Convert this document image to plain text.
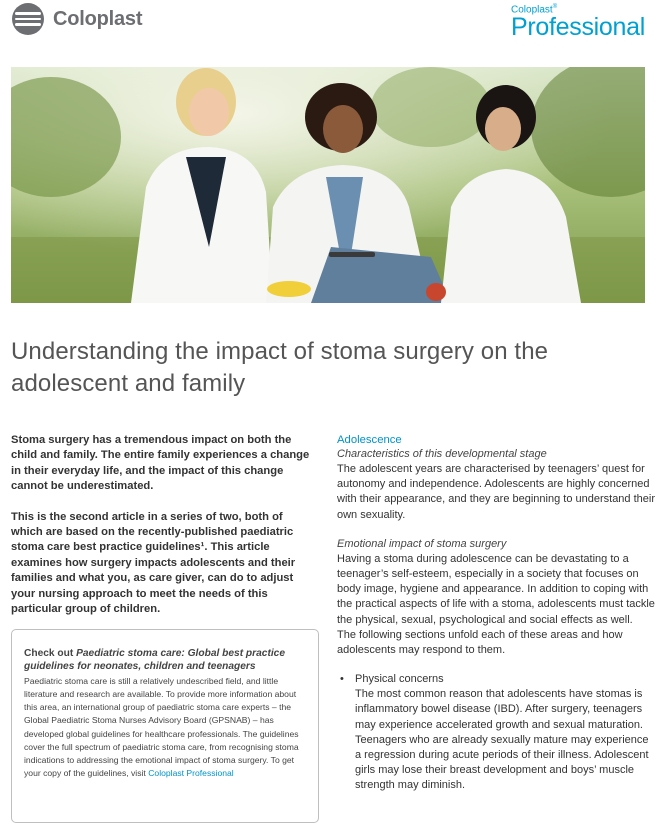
Coloplast	Coloplast®
Professional
Understanding the impact of stoma surgery on the adolescent and family

Stoma surgery has a tremendous impact on both the child and family. The entire family experiences a change in their everyday life, and the impact of this change cannot be underestimated.

This is the second article in a series of two, both of which are based on the recently-published paediatric stoma care best practice guidelines¹. This article examines how surgery impacts adolescents and their families and what you, as care giver, can do to adjust your nursing approach to meet the needs of this particular group of children.

Check out Paediatric stoma care: Global best practice guidelines for neonates, children and teenagers

Paediatric stoma care is still a relatively undescribed field, and little literature and research are available. To provide more information about this area, an international group of paediatric stoma care experts – the Global Paediatric Stoma Nurses Advisory Board (GPSNAB) – has developed global guidelines for healthcare professionals. The guidelines cover the full spectrum of paediatric stoma care, from recognising stoma indications to addressing the emotional impact of stoma surgery. To get your copy of the guidelines, visit Coloplast Professional

Adolescence
Characteristics of this developmental stage

The adolescent years are characterised by teenagers’ quest for autonomy and independence. Adolescents are highly concerned with their appearance, and they are beginning to understand their own sexuality.

Emotional impact of stoma surgery

Having a stoma during adolescence can be devastating to a teenager’s self-esteem, especially in a society that focuses on body image, hygiene and appearance. In addition to coping with the practical aspects of life with a stoma, adolescents must tackle the physical, sexual, psychological and social effects as well.

The following sections unfold each of these areas and how adolescents may respond to them.

• Physical concerns

The most common reason that adolescents have stomas is inflammatory bowel disease (IBD). After surgery, teenagers may experience accelerated growth and sexual maturation. Teenagers who are already sexually mature may experience a regression during acute periods of their illness. Adolescent girls may lose their breast development and boys’ muscle strength may diminish.
